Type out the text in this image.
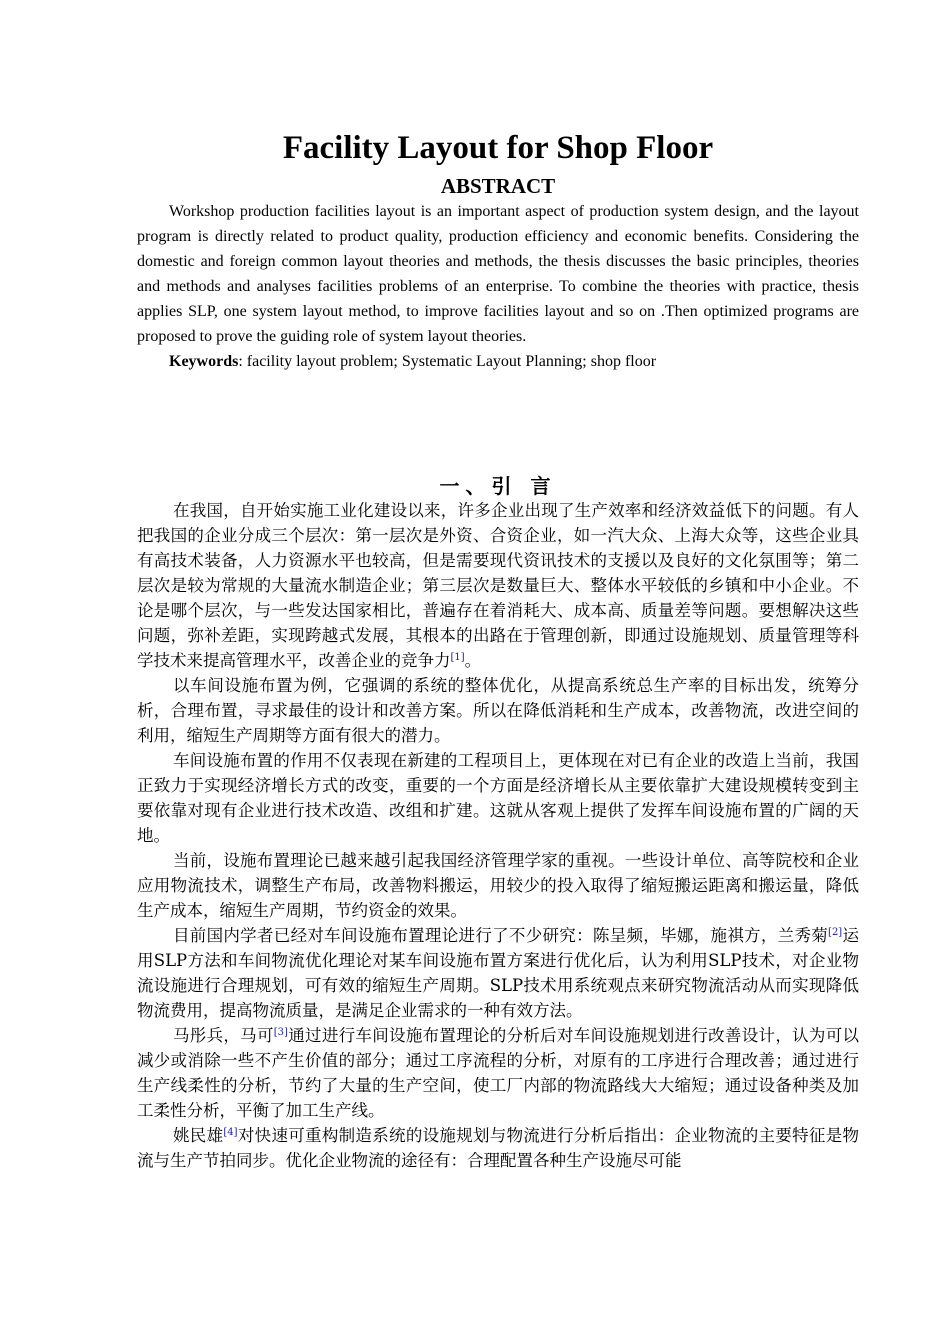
Facility Layout for Shop Floor
ABSTRACT

Workshop production facilities layout is an important aspect of production system design, and the layout program is directly related to product quality, production efficiency and economic benefits. Considering the domestic and foreign common layout theories and methods, the thesis discusses the basic principles, theories and methods and analyses facilities problems of an enterprise. To combine the theories with practice, thesis applies SLP, one system layout method, to improve facilities layout and so on .Then optimized programs are proposed to prove the guiding role of system layout theories.

Keywords: facility layout problem; Systematic Layout Planning; shop floor

一、引 言

在我国，自开始实施工业化建设以来，许多企业出现了生产效率和经济效益低下的问题。有人把我国的企业分成三个层次：第一层次是外资、合资企业，如一汽大众、上海大众等，这些企业具有高技术装备，人力资源水平也较高，但是需要现代资讯技术的支援以及良好的文化氛围等；第二层次是较为常规的大量流水制造企业；第三层次是数量巨大、整体水平较低的乡镇和中小企业。不论是哪个层次，与一些发达国家相比，普遍存在着消耗大、成本高、质量差等问题。要想解决这些问题，弥补差距，实现跨越式发展，其根本的出路在于管理创新，即通过设施规划、质量管理等科学技术来提高管理水平，改善企业的竞争力[1]。

以车间设施布置为例，它强调的系统的整体优化，从提高系统总生产率的目标出发，统筹分析，合理布置，寻求最佳的设计和改善方案。所以在降低消耗和生产成本，改善物流，改进空间的利用，缩短生产周期等方面有很大的潜力。

车间设施布置的作用不仅表现在新建的工程项目上，更体现在对已有企业的改造上当前，我国正致力于实现经济增长方式的改变，重要的一个方面是经济增长从主要依靠扩大建设规模转变到主要依靠对现有企业进行技术改造、改组和扩建。这就从客观上提供了发挥车间设施布置的广阔的天地。

当前，设施布置理论已越来越引起我国经济管理学家的重视。一些设计单位、高等院校和企业应用物流技术，调整生产布局，改善物料搬运，用较少的投入取得了缩短搬运距离和搬运量，降低生产成本，缩短生产周期，节约资金的效果。

目前国内学者已经对车间设施布置理论进行了不少研究：陈呈频，毕娜，施祺方，兰秀菊[2]运用SLP方法和车间物流优化理论对某车间设施布置方案进行优化后，认为利用SLP技术，对企业物流设施进行合理规划，可有效的缩短生产周期。SLP技术用系统观点来研究物流活动从而实现降低物流费用，提高物流质量，是满足企业需求的一种有效方法。

马彤兵，马可[3]通过进行车间设施布置理论的分析后对车间设施规划进行改善设计，认为可以减少或消除一些不产生价值的部分；通过工序流程的分析，对原有的工序进行合理改善；通过进行生产线柔性的分析，节约了大量的生产空间，使工厂内部的物流路线大大缩短；通过设备种类及加工柔性分析，平衡了加工生产线。

姚民雄[4]对快速可重构制造系统的设施规划与物流进行分析后指出：企业物流的主要特征是物流与生产节拍同步。优化企业物流的途径有：合理配置各种生产设施尽可能
